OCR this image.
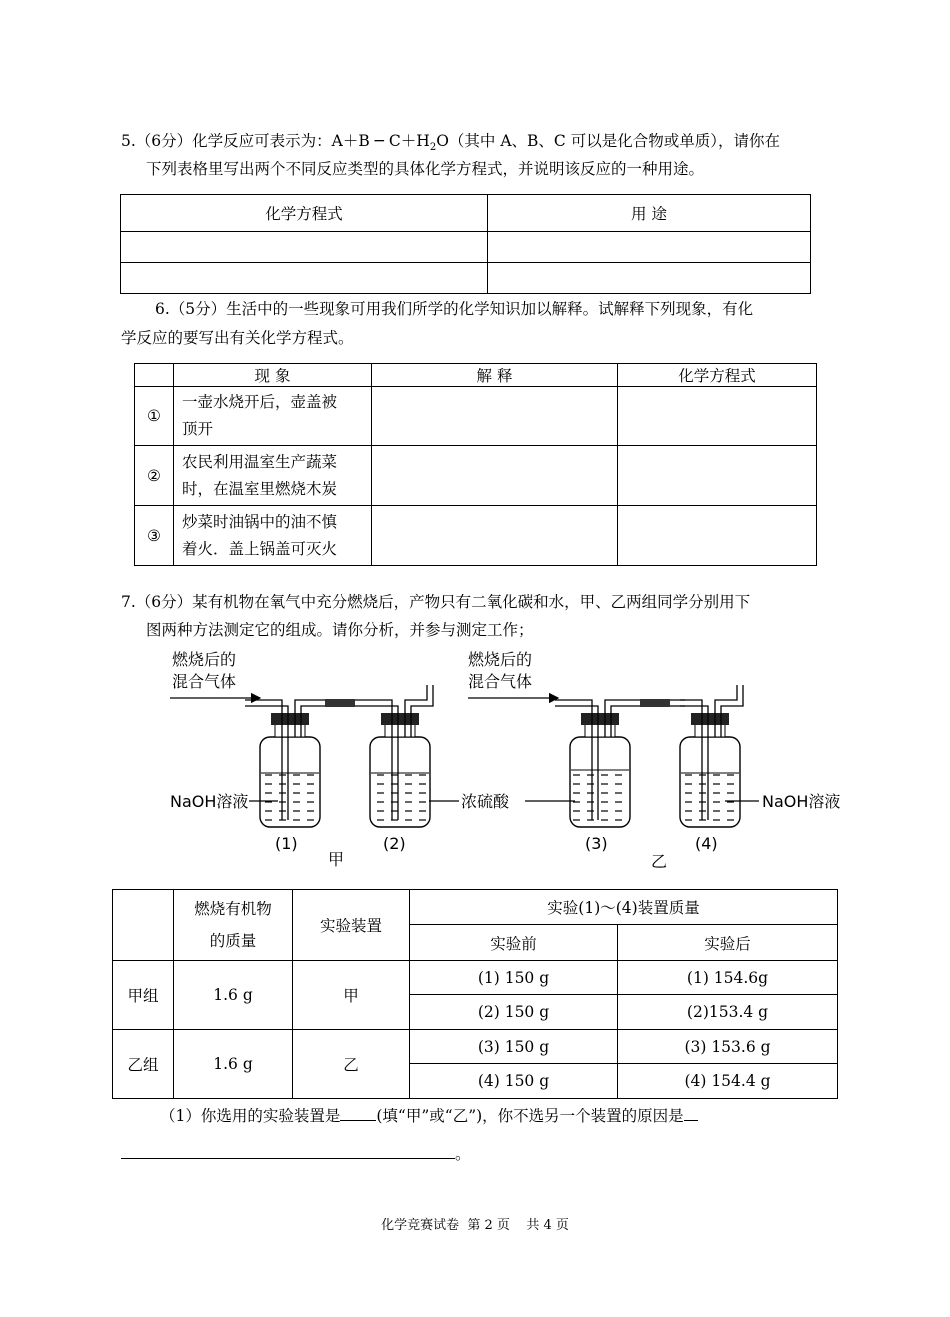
5.（6分）化学反应可表示为：A＋B ─ $C+H_2O$（其中 A、B、C 可以是化合物或单质），请你在
下列表格里写出两个不同反应类型的具体化学方程式，并说明该反应的一种用途。
化学方程式	用 途

6.（5分）生活中的一些现象可用我们所学的化学知识加以解释。试解释下列现象，有化
学反应的要写出有关化学方程式。
	现 象	解 释	化学方程式
①	一壶水烧开后，壶盖被
顶开		

②	农民利用温室生产蔬菜
时，在温室里燃烧木炭		

③	炒菜时油锅中的油不慎
着火．盖上锅盖可灭火		

7.（6分）某有机物在氧气中充分燃烧后，产物只有二氧化碳和水，甲、乙两组同学分别用下
图两种方法测定它的组成。请你分析，并参与测定工作；
燃烧后的
混合气体
燃烧后的
混合气体
NaOH溶液	浓硫酸	NaOH溶液
(1)	(2)	(3)	(4)
甲	乙

	燃烧有机物
的质量	实验装置	实验(1)～(4)装置质量	
			实验前	实验后
甲组	1.6 g	甲	(1) 150 g	(1) 154.6g
			(2) 150 g	(2)153.4 g
乙组	1.6 g	乙	(3) 150 g	(3) 153.6 g
			(4) 150 g	(4) 154.4 g
（1）你选用的实验装置是 (填“甲”或“乙”)，你不选另一个装置的原因是
。
化学竞赛试卷  第 2 页    共 4 页
